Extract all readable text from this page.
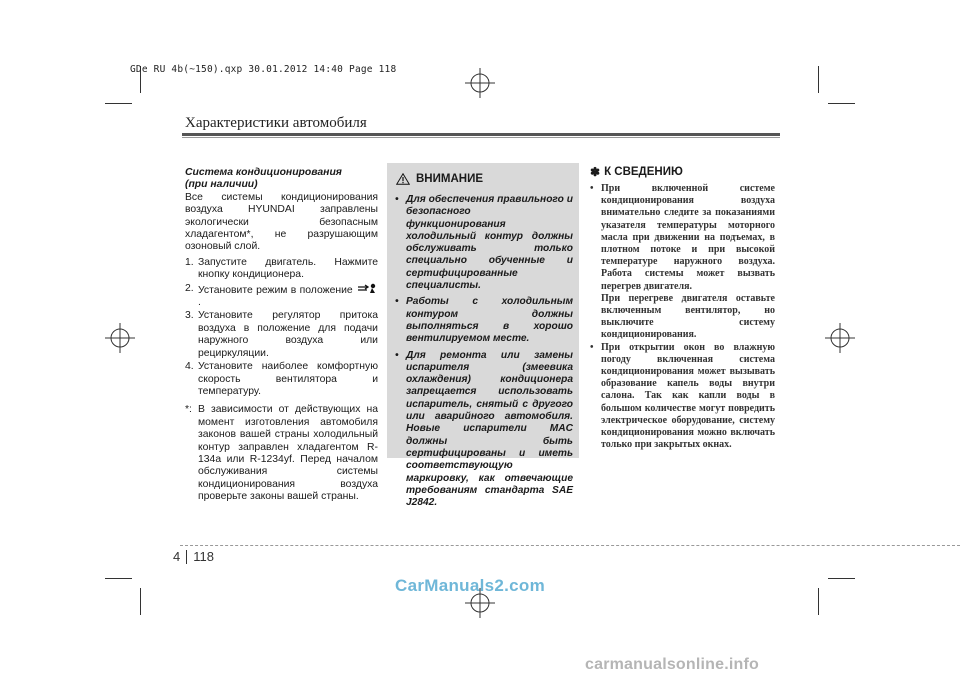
GDe RU 4b(~150).qxp 30.01.2012 14:40 Page 118
Характеристики автомобиля
Система кондиционирования
(при наличии)

Все системы кондиционирования воздуха HYUNDAI заправлены экологически безопасным хладагентом*, не разрушающим озоновый слой.

1. Запустите двигатель. Нажмите кнопку кондиционера.
2. Установите режим в положение  .
3. Установите регулятор притока воздуха в положение для подачи наружного воздуха или рециркуляции.
4. Установите наиболее комфортную скорость вентилятора и температуру.
*: В зависимости от действующих на момент изготовления автомобиля законов вашей страны холодильный контур заправлен хладагентом R-134a или R-1234yf. Перед началом обслуживания системы кондиционирования воздуха проверьте законы вашей страны.
ВНИМАНИЕ
• Для обеспечения правильного и безопасного функционирования холодильный контур должны обслуживать только специально обученные и сертифицированные специалисты.
• Работы с холодильным контуром должны выполняться в хорошо вентилируемом месте.
• Для ремонта или замены испарителя (змеевика охлаждения) кондиционера запрещается использовать испаритель, снятый с другого или аварийного автомобиля. Новые испарители MAC должны быть сертифицированы и иметь соответствующую маркировку, как отвечающие требованиям стандарта SAE J2842.
✽ К СВЕДЕНИЮ
• При включенной системе кондиционирования воздуха внимательно следите за показаниями указателя температуры моторного масла при движении на подъемах, в плотном потоке и при высокой температуре наружного воздуха. Работа системы может вызвать перегрев двигателя.

При перегреве двигателя оставьте включенным вентилятор, но выключите систему кондиционирования.

• При открытии окон во влажную погоду включенная система кондиционирования может вызывать образование капель воды внутри салона. Так как капли воды в большом количестве могут повредить электрическое оборудование, систему кондиционирования можно включать только при закрытых окнах.

4 118
CarManuals2.com
carmanualsonline.info
